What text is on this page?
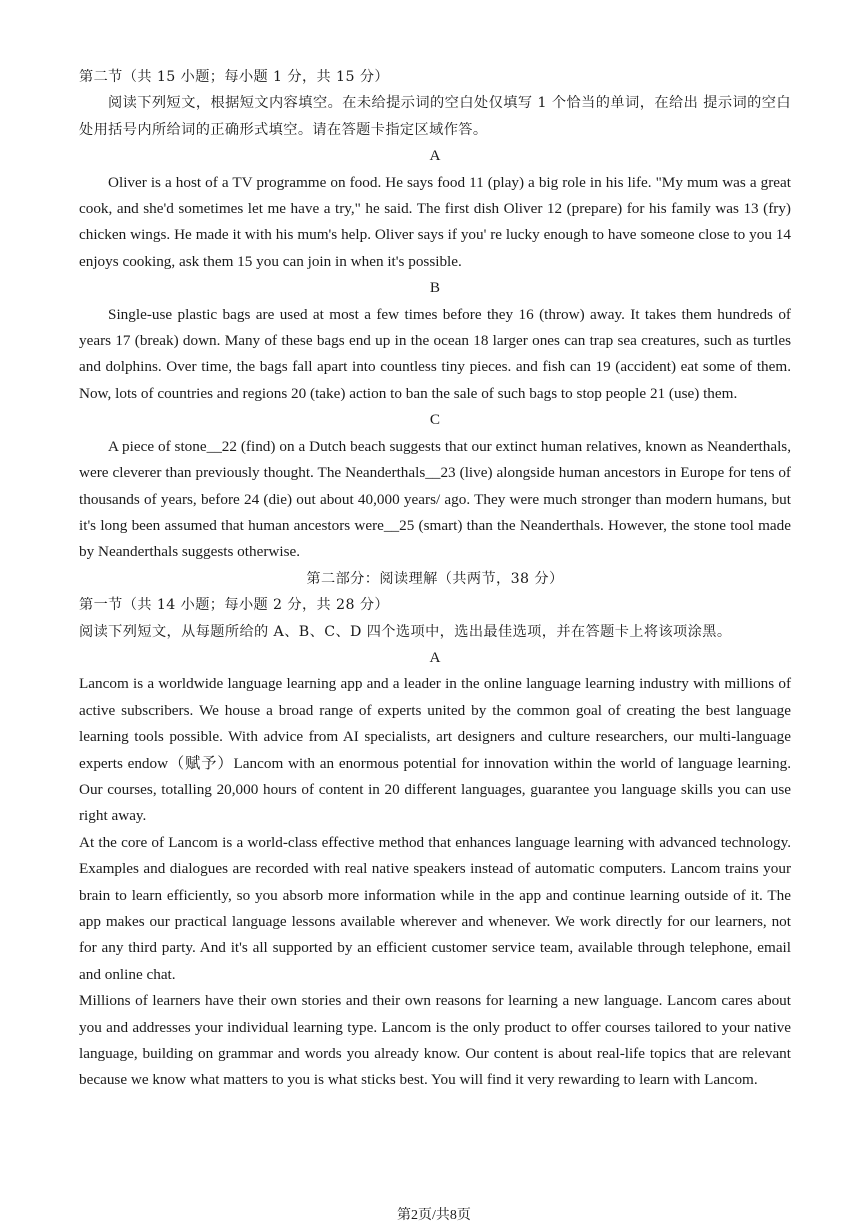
第二节（共 15 小题；每小题 1 分，共 15 分）

阅读下列短文，根据短文内容填空。在未给提示词的空白处仅填写 1 个恰当的单词，在给出 提示词的空白处用括号内所给词的正确形式填空。请在答题卡指定区域作答。

A

Oliver is a host of a TV programme on food. He says food 11 (play) a big role in his life. "My mum was a great cook, and she'd sometimes let me have a try," he said. The first dish Oliver 12 (prepare) for his family was 13 (fry) chicken wings. He made it with his mum's help. Oliver says if you' re lucky enough to have someone close to you 14 enjoys cooking, ask them 15 you can join in when it's possible.

B

Single-use plastic bags are used at most a few times before they 16 (throw) away. It takes them hundreds of years 17 (break) down. Many of these bags end up in the ocean 18 larger ones can trap sea creatures, such as turtles and dolphins. Over time, the bags fall apart into countless tiny pieces. and fish can 19 (accident) eat some of them. Now, lots of countries and regions 20 (take) action to ban the sale of such bags to stop people 21 (use) them.

C

A piece of stone__22 (find) on a Dutch beach suggests that our extinct human relatives, known as Neanderthals, were cleverer than previously thought. The Neanderthals__23 (live) alongside human ancestors in Europe for tens of thousands of years, before 24 (die) out about 40,000 years/ ago. They were much stronger than modern humans, but it's long been assumed that human ancestors were__25 (smart) than the Neanderthals. However, the stone tool made by Neanderthals suggests otherwise.

第二部分：阅读理解（共两节，38 分）

第一节（共 14 小题；每小题 2 分，共 28 分）

阅读下列短文，从每题所给的 A、B、C、D 四个选项中，选出最佳选项，并在答题卡上将该项涂黑。

A

Lancom is a worldwide language learning app and a leader in the online language learning industry with millions of active subscribers. We house a broad range of experts united by the common goal of creating the best language learning tools possible. With advice from AI specialists, art designers and culture researchers, our multi-language experts endow（赋予）Lancom with an enormous potential for innovation within the world of language learning. Our courses, totalling 20,000 hours of content in 20 different languages, guarantee you language skills you can use right away.

At the core of Lancom is a world-class effective method that enhances language learning with advanced technology. Examples and dialogues are recorded with real native speakers instead of automatic computers. Lancom trains your brain to learn efficiently, so you absorb more information while in the app and continue learning outside of it. The app makes our practical language lessons available wherever and whenever. We work directly for our learners, not for any third party. And it's all supported by an efficient customer service team, available through telephone, email and online chat.

Millions of learners have their own stories and their own reasons for learning a new language. Lancom cares about you and addresses your individual learning type. Lancom is the only product to offer courses tailored to your native language, building on grammar and words you already know. Our content is about real-life topics that are relevant because we know what matters to you is what sticks best. You will find it very rewarding to learn with Lancom.

第2页/共8页
